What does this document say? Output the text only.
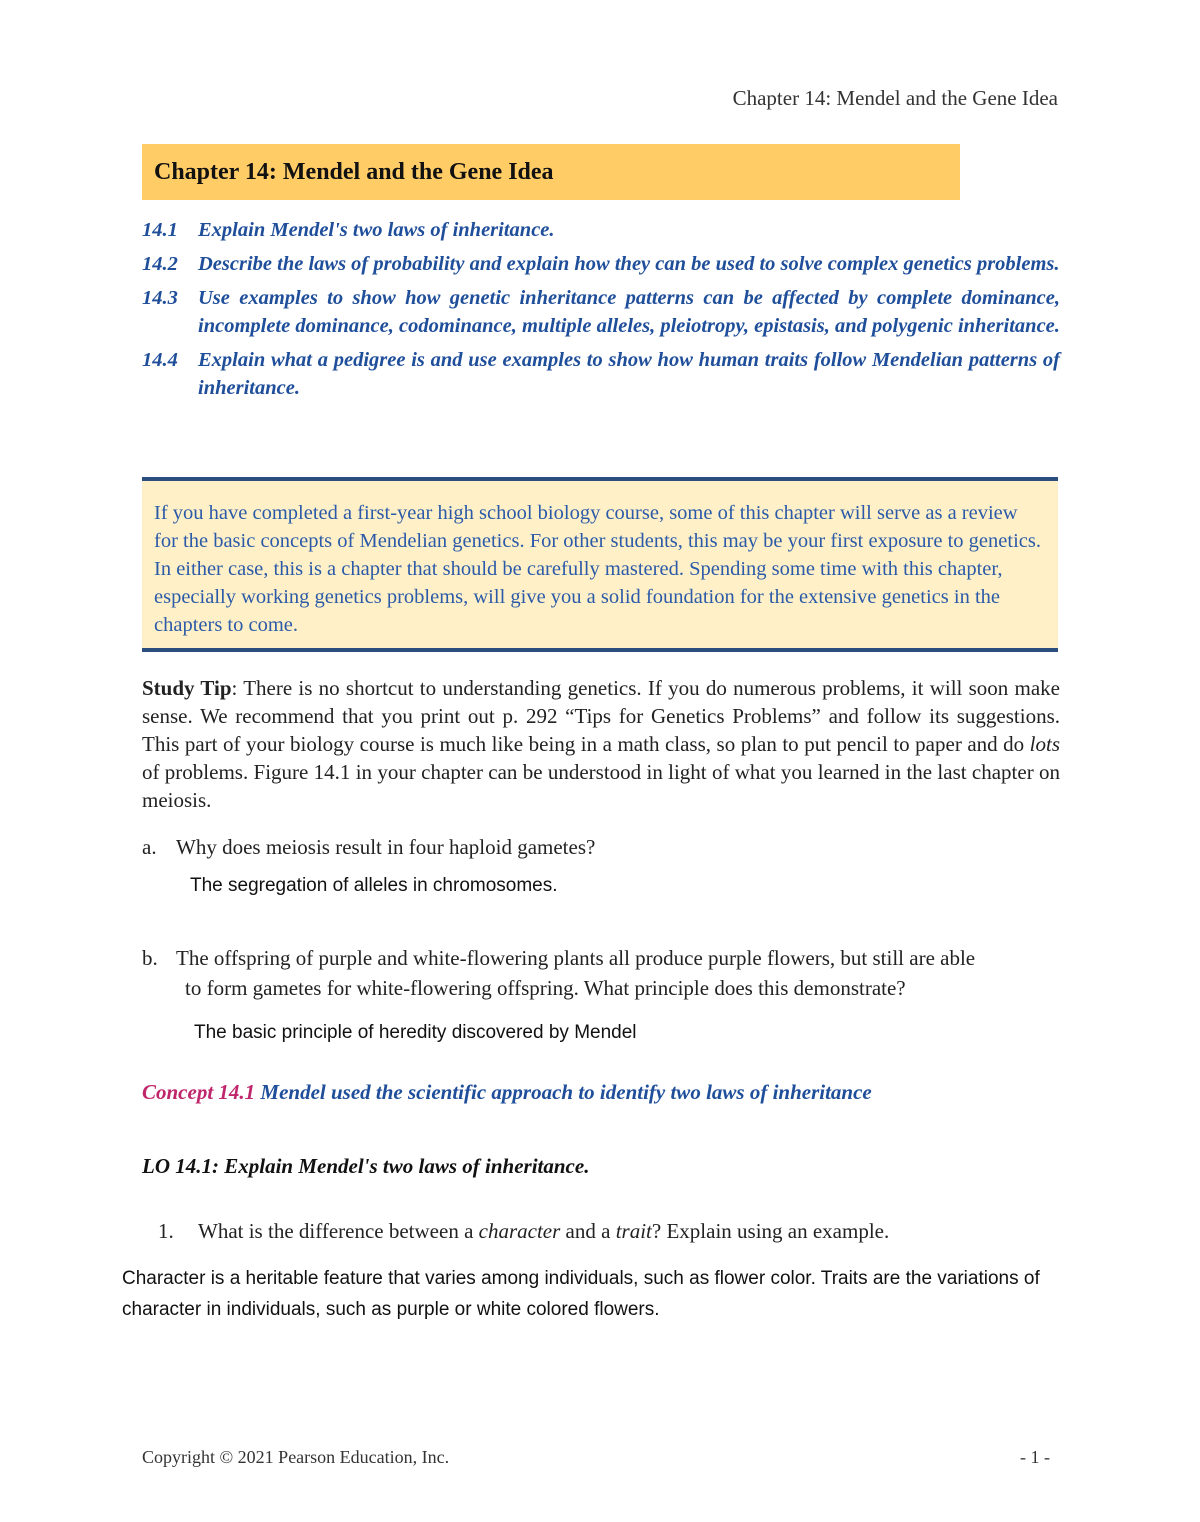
Chapter 14: Mendel and the Gene Idea
Chapter 14: Mendel and the Gene Idea
14.1 Explain Mendel's two laws of inheritance.
14.2 Describe the laws of probability and explain how they can be used to solve complex genetics problems.
14.3 Use examples to show how genetic inheritance patterns can be affected by complete dominance, incomplete dominance, codominance, multiple alleles, pleiotropy, epistasis, and polygenic inheritance.
14.4 Explain what a pedigree is and use examples to show how human traits follow Mendelian patterns of inheritance.
If you have completed a first-year high school biology course, some of this chapter will serve as a review for the basic concepts of Mendelian genetics. For other students, this may be your first exposure to genetics. In either case, this is a chapter that should be carefully mastered. Spending some time with this chapter, especially working genetics problems, will give you a solid foundation for the extensive genetics in the chapters to come.
Study Tip: There is no shortcut to understanding genetics. If you do numerous problems, it will soon make sense. We recommend that you print out p. 292 “Tips for Genetics Problems” and follow its suggestions. This part of your biology course is much like being in a math class, so plan to put pencil to paper and do lots of problems. Figure 14.1 in your chapter can be understood in light of what you learned in the last chapter on meiosis.
a. Why does meiosis result in four haploid gametes?
The segregation of alleles in chromosomes.
b. The offspring of purple and white-flowering plants all produce purple flowers, but still are able
to form gametes for white-flowering offspring. What principle does this demonstrate?
The basic principle of heredity discovered by Mendel
Concept 14.1 Mendel used the scientific approach to identify two laws of inheritance
LO 14.1: Explain Mendel's two laws of inheritance.
1. What is the difference between a character and a trait? Explain using an example.
Character is a heritable feature that varies among individuals, such as flower color. Traits are the variations of
character in individuals, such as purple or white colored flowers.
Copyright © 2021 Pearson Education, Inc.	- 1 -
